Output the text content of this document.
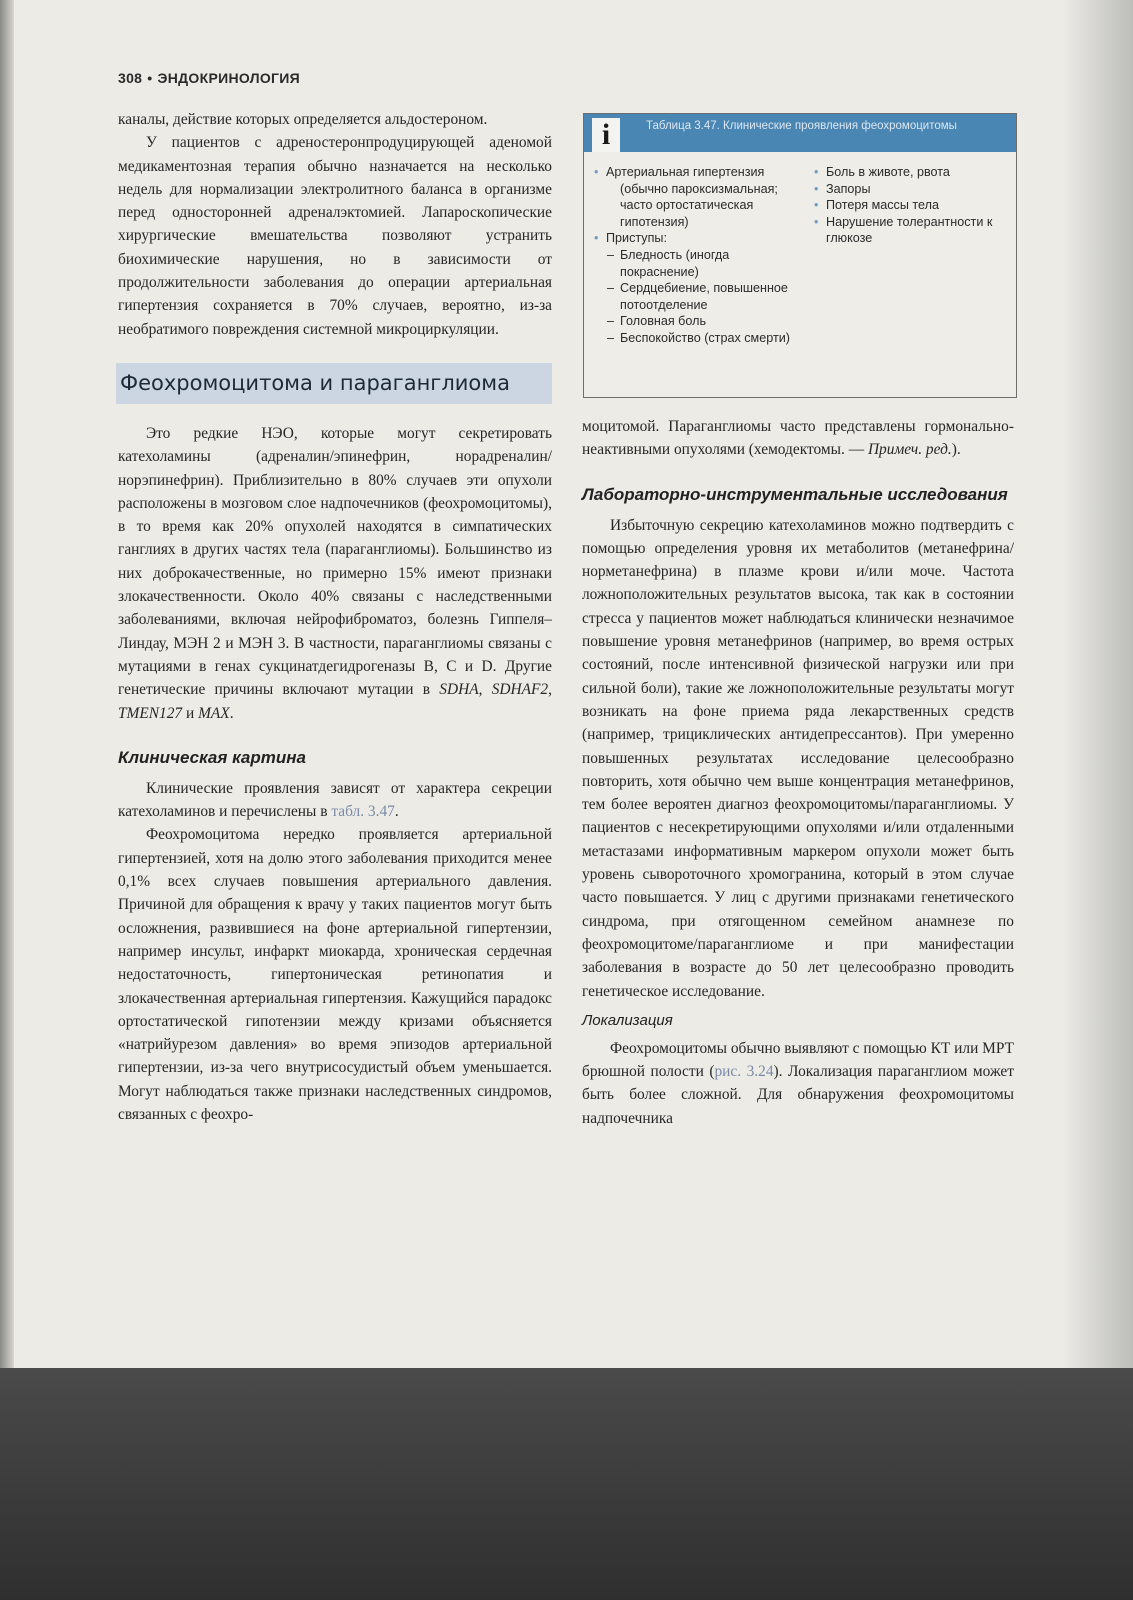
308 • ЭНДОКРИНОЛОГИЯ

каналы, действие которых определяется альдостероном.

У пациентов с адреностеронпродуцирующей аденомой медикаментозная терапия обычно назначается на несколько недель для нормализации электролитного баланса в организме перед односторонней адреналэктомией. Лапароскопические хирургические вмешательства позволяют устранить биохимические нарушения, но в зависимости от продолжительности заболевания до операции артериальная гипертензия сохраняется в 70% случаев, вероятно, из-за необратимого повреждения системной микроциркуляции.

Феохромоцитома и параганглиома

Это редкие НЭО, которые могут секретировать катехоламины (адреналин/эпинефрин, норадреналин/норэпинефрин). Приблизительно в 80% случаев эти опухоли расположены в мозговом слое надпочечников (феохромоцитомы), в то время как 20% опухолей находятся в симпатических ганглиях в других частях тела (параганглиомы). Большинство из них доброкачественные, но примерно 15% имеют признаки злокачественности. Около 40% связаны с наследственными заболеваниями, включая нейрофиброматоз, болезнь Гиппеля–Линдау, МЭН 2 и МЭН 3. В частности, параганглиомы связаны с мутациями в генах сукцинатдегидрогеназы B, C и D. Другие генетические причины включают мутации в SDHA, SDHAF2, TMEN127 и MAX.

Клиническая картина

Клинические проявления зависят от характера секреции катехоламинов и перечислены в табл. 3.47.

Феохромоцитома нередко проявляется артериальной гипертензией, хотя на долю этого заболевания приходится менее 0,1% всех случаев повышения артериального давления. Причиной для обращения к врачу у таких пациентов могут быть осложнения, развившиеся на фоне артериальной гипертензии, например инсульт, инфаркт миокарда, хроническая сердечная недостаточность, гипертоническая ретинопатия и злокачественная артериальная гипертензия. Кажущийся парадокс ортостатической гипотензии между кризами объясняется «натрийурезом давления» во время эпизодов артериальной гипертензии, из-за чего внутрисосудистый объем уменьшается. Могут наблюдаться также признаки наследственных синдромов, связанных с феохро-

i	Таблица 3.47. Клинические проявления феохромоцитомы
• Артериальная гипертензия
(обычно пароксизмальная;
часто ортостатическая
гипотензия)
• Приступы:
– Бледность (иногда покраснение)
– Сердцебиение, повышенное потоотделение
– Головная боль
– Беспокойство (страх смерти)
• Боль в животе, рвота
• Запоры
• Потеря массы тела
• Нарушение толерантности к глюкозе

моцитомой. Параганглиомы часто представлены гормонально-неактивными опухолями (хемодектомы. — Примеч. ред.).

Лабораторно-инструментальные исследования

Избыточную секрецию катехоламинов можно подтвердить с помощью определения уровня их метаболитов (метанефрина/норметанефрина) в плазме крови и/или моче. Частота ложноположительных результатов высока, так как в состоянии стресса у пациентов может наблюдаться клинически незначимое повышение уровня метанефринов (например, во время острых состояний, после интенсивной физической нагрузки или при сильной боли), такие же ложноположительные результаты могут возникать на фоне приема ряда лекарственных средств (например, трициклических антидепрессантов). При умеренно повышенных результатах исследование целесообразно повторить, хотя обычно чем выше концентрация метанефринов, тем более вероятен диагноз феохромоцитомы/параганглиомы. У пациентов с несекретирующими опухолями и/или отдаленными метастазами информативным маркером опухоли может быть уровень сывороточного хромогранина, который в этом случае часто повышается. У лиц с другими признаками генетического синдрома, при отягощенном семейном анамнезе по феохромоцитоме/параганглиоме и при манифестации заболевания в возрасте до 50 лет целесообразно проводить генетическое исследование.

Локализация

Феохромоцитомы обычно выявляют с помощью КТ или МРТ брюшной полости (рис. 3.24). Локализация параганглиом может быть более сложной. Для обнаружения феохромоцитомы надпочечника
